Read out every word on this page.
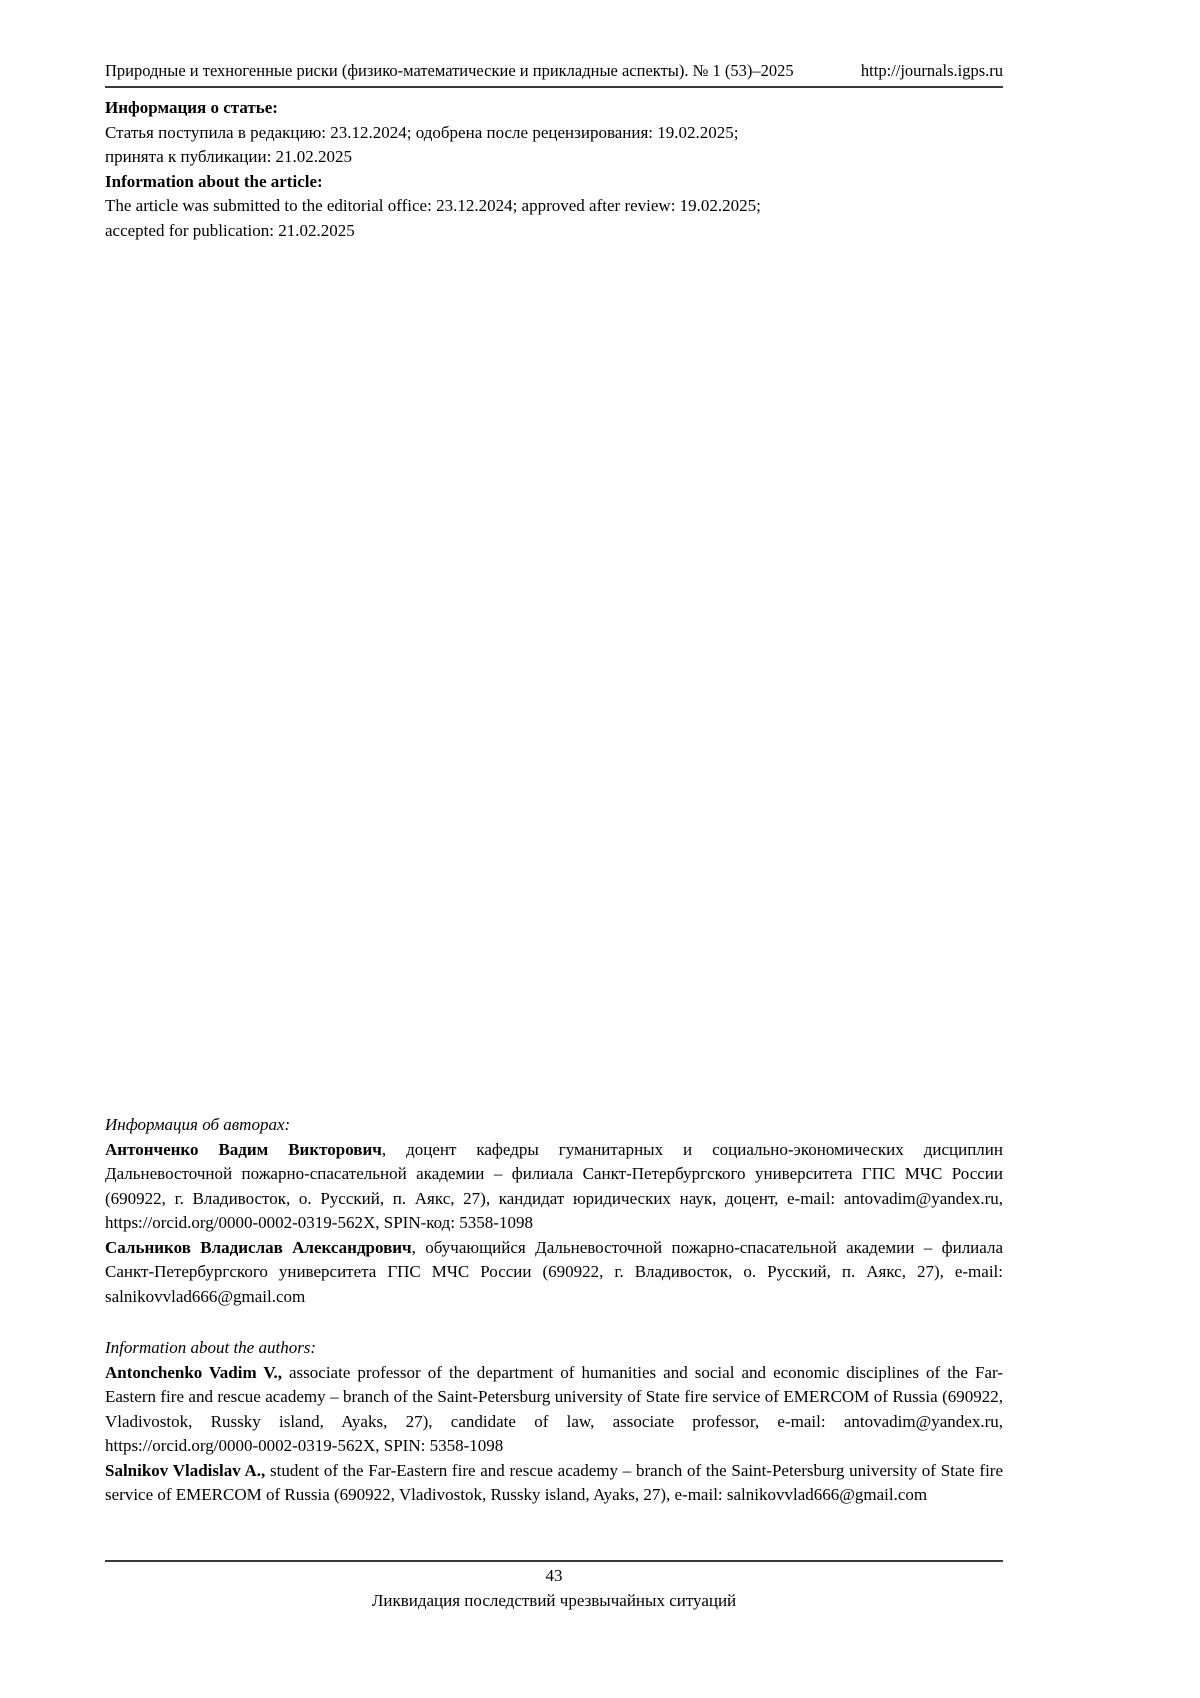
Природные и техногенные риски (физико-математические и прикладные аспекты). № 1 (53)–2025	http://journals.igps.ru

Информация о статье:

Статья поступила в редакцию: 23.12.2024; одобрена после рецензирования: 19.02.2025;

принята к публикации: 21.02.2025

Information about the article:

The article was submitted to the editorial office: 23.12.2024; approved after review: 19.02.2025;

accepted for publication: 21.02.2025

Информация об авторах:

Антонченко Вадим Викторович, доцент кафедры гуманитарных и социально-экономических дисциплин Дальневосточной пожарно-спасательной академии – филиала Санкт-Петербургского университета ГПС МЧС России (690922, г. Владивосток, о. Русский, п. Аякс, 27), кандидат юридических наук, доцент, e-mail: antovadim@yandex.ru, https://orcid.org/0000-0002-0319-562X, SPIN-код: 5358-1098

Сальников Владислав Александрович, обучающийся Дальневосточной пожарно-спасательной академии – филиала Санкт-Петербургского университета ГПС МЧС России (690922, г. Владивосток, о. Русский, п. Аякс, 27), e-mail: salnikovvlad666@gmail.com

Information about the authors:

Antonchenko Vadim V., associate professor of the department of humanities and social and economic disciplines of the Far-Eastern fire and rescue academy – branch of the Saint-Petersburg university of State fire service of EMERCOM of Russia (690922, Vladivostok, Russky island, Ayaks, 27), candidate of law, associate professor, e-mail: antovadim@yandex.ru, https://orcid.org/0000-0002-0319-562X, SPIN: 5358-1098

Salnikov Vladislav A., student of the Far-Eastern fire and rescue academy – branch of the Saint-Petersburg university of State fire service of EMERCOM of Russia (690922, Vladivostok, Russky island, Ayaks, 27), e-mail: salnikovvlad666@gmail.com

43

Ликвидация последствий чрезвычайных ситуаций
